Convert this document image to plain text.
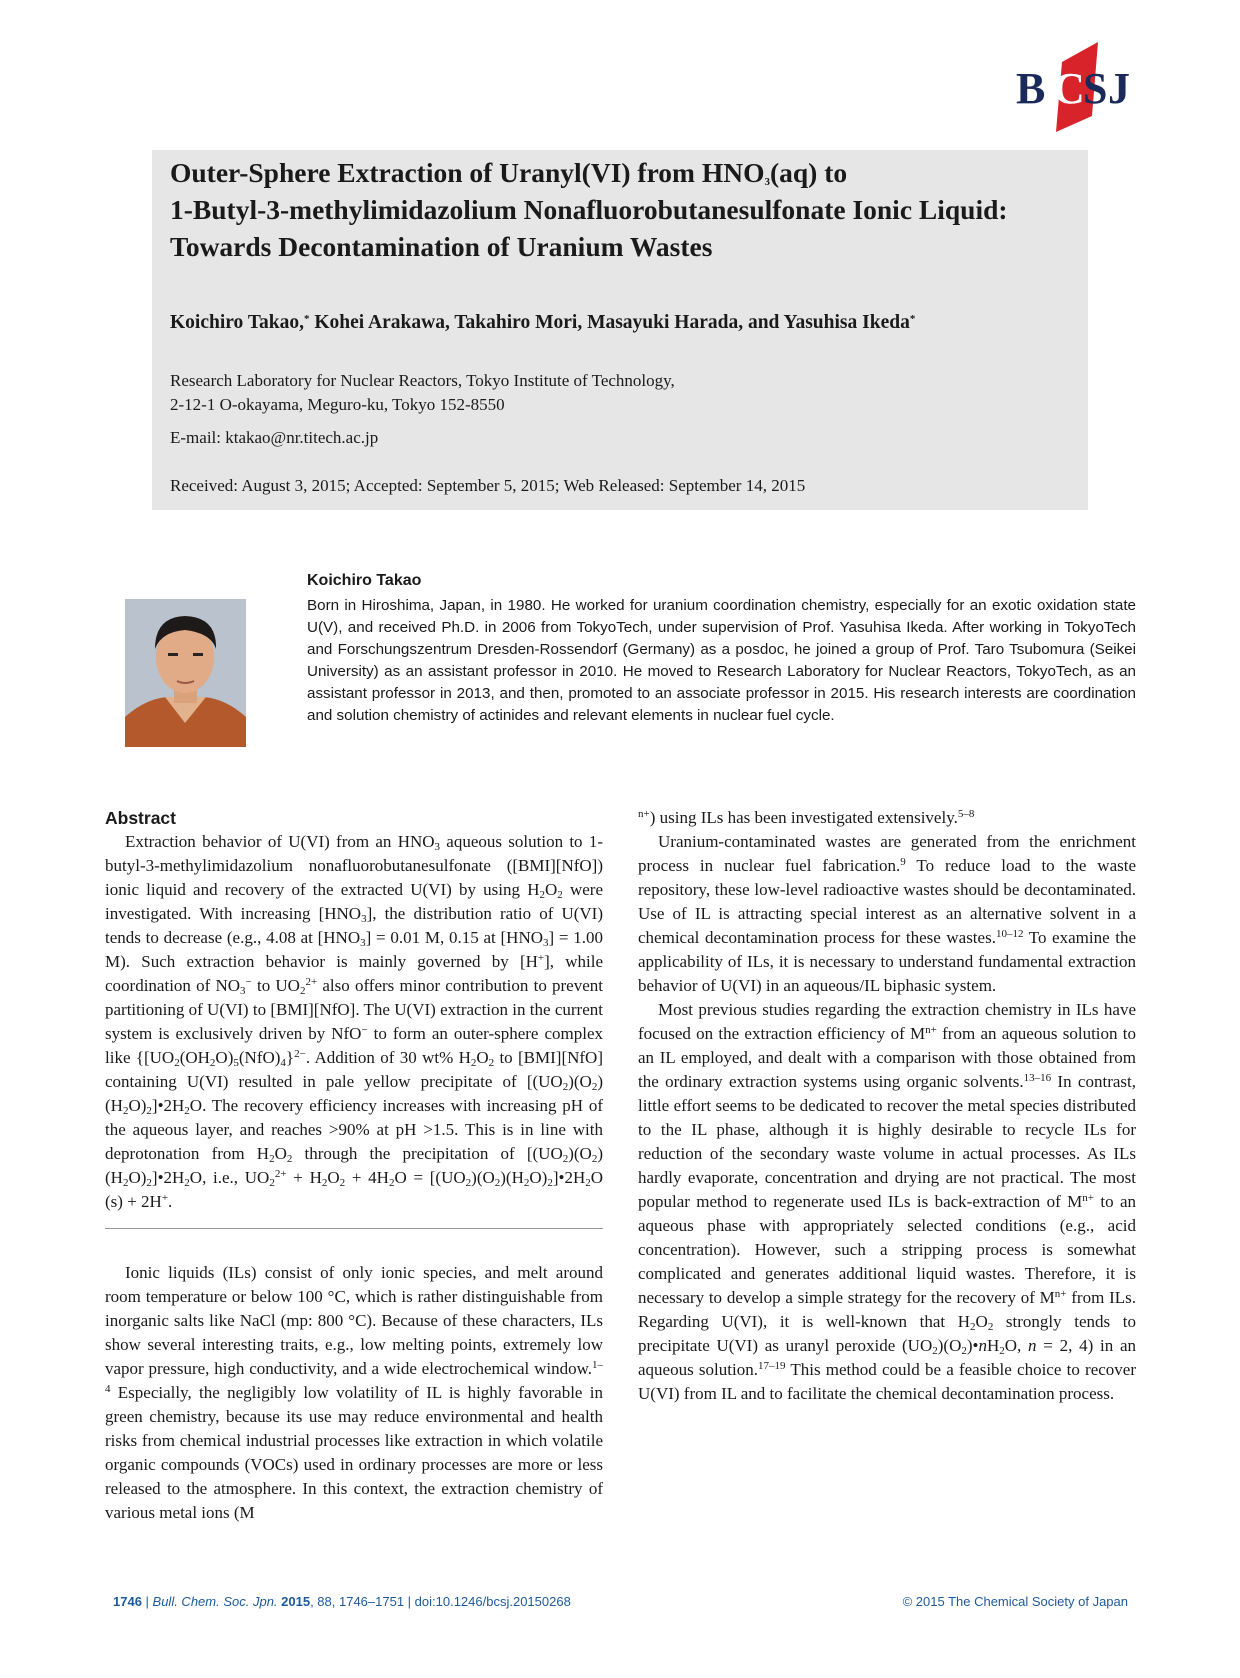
B C
S J
Outer-Sphere Extraction of Uranyl(VI) from $HNO_3(aq)$ to
1-Butyl-3-methylimidazolium Nonafluorobutanesulfonate Ionic Liquid:
Towards Decontamination of Uranium Wastes
Koichiro Takao,* Kohei Arakawa, Takahiro Mori, Masayuki Harada, and Yasuhisa Ikeda*
Research Laboratory for Nuclear Reactors, Tokyo Institute of Technology,
2-12-1 O-okayama, Meguro-ku, Tokyo 152-8550
E-mail: ktakao@nr.titech.ac.jp
Received: August 3, 2015; Accepted: September 5, 2015; Web Released: September 14, 2015
Koichiro Takao
Born in Hiroshima, Japan, in 1980. He worked for uranium coordination chemistry, especially for an exotic oxidation state U(V), and received Ph.D. in 2006 from TokyoTech, under supervision of Prof. Yasuhisa Ikeda. After working in TokyoTech and Forschungszentrum Dresden-Rossendorf (Germany) as a posdoc, he joined a group of Prof. Taro Tsubomura (Seikei University) as an assistant professor in 2010. He moved to Research Laboratory for Nuclear Reactors, TokyoTech, as an assistant professor in 2013, and then, promoted to an associate professor in 2015. His research interests are coordination and solution chemistry of actinides and relevant elements in nuclear fuel cycle.
Abstract

Extraction behavior of U(VI) from an $HNO_3$ aqueous solution to 1-butyl-3-methylimidazolium nonafluorobutanesulfonate ([BMI][NfO]) ionic liquid and recovery of the extracted U(VI) by using $H_2O_2$ were investigated. With increasing $[HNO_3]$, the distribution ratio of U(VI) tends to decrease (e.g., 4.08 at $[HNO_3] = 0.01$ M, 0.15 at $[HNO_3] = 1.00$ M). Such extraction behavior is mainly governed by [H+], while coordination of $NO_3^-$ to $UO_2^{2+}$ also offers minor contribution to prevent partitioning of U(VI) to [BMI][NfO]. The U(VI) extraction in the current system is exclusively driven by NfO− to form an outer-sphere complex like {$[UO_2(OH_2O)_5(NfO)_4\}^{2-}$. Addition of 30 wt% $H_2O_2$ to [BMI][NfO] containing U(VI) resulted in pale yellow precipitate of $[(UO_2)(O_2)(H_2O)_2]•2H_2O$. The recovery efficiency increases with increasing pH of the aqueous layer, and reaches >90% at pH >1.5. This is in line with deprotonation from $H_2O_2$ through the precipitation of $[(UO_2)(O_2)(H_2O)_2]•2H_2O$, i.e., $UO_2^{2+} + H_2O_2 + 4H_2O$ = $[(UO_2)(O_2)(H_2O)_2]•2H_2O$ (s) + 2H+.

Ionic liquids (ILs) consist of only ionic species, and melt around room temperature or below 100 °C, which is rather distinguishable from inorganic salts like NaCl (mp: 800 °C). Because of these characters, ILs show several interesting traits, e.g., low melting points, extremely low vapor pressure, high conductivity, and a wide electrochemical window.$^{1-4}$ Especially, the negligibly low volatility of IL is highly favorable in green chemistry, because its use may reduce environmental and health risks from chemical industrial processes like extraction in which volatile organic compounds (VOCs) used in ordinary processes are more or less released to the atmosphere. In this context, the extraction chemistry of various metal ions (M

$^{n+}$) using ILs has been investigated extensively.$^{5-8}$

Uranium-contaminated wastes are generated from the enrichment process in nuclear fuel fabrication.$^9$ To reduce load to the waste repository, these low-level radioactive wastes should be decontaminated. Use of IL is attracting special interest as an alternative solvent in a chemical decontamination process for these wastes.$^{10-12}$ To examine the applicability of ILs, it is necessary to understand fundamental extraction behavior of U(VI) in an aqueous/IL biphasic system.

Most previous studies regarding the extraction chemistry in ILs have focused on the extraction efficiency of $M^{n+}$ from an aqueous solution to an IL employed, and dealt with a comparison with those obtained from the ordinary extraction systems using organic solvents.$^{13-16}$ In contrast, little effort seems to be dedicated to recover the metal species distributed to the IL phase, although it is highly desirable to recycle ILs for reduction of the secondary waste volume in actual processes. As ILs hardly evaporate, concentration and drying are not practical. The most popular method to regenerate used ILs is back-extraction of $M^{n+}$ to an aqueous phase with appropriately selected conditions (e.g., acid concentration). However, such a stripping process is somewhat complicated and generates additional liquid wastes. Therefore, it is necessary to develop a simple strategy for the recovery of $M^{n+}$ from ILs. Regarding U(VI), it is well-known that $H_2O_2$ strongly tends to precipitate U(VI) as uranyl peroxide $(UO_2)(O_2)•nH_2O$, n = 2, 4) in an aqueous solution.$^{17-19}$ This method could be a feasible choice to recover U(VI) from IL and to facilitate the chemical decontamination process.

1746 | Bull. Chem. Soc. Jpn. 2015, 88, 1746–1751 | doi:10.1246/bcsj.20150268	© 2015 The Chemical Society of Japan
